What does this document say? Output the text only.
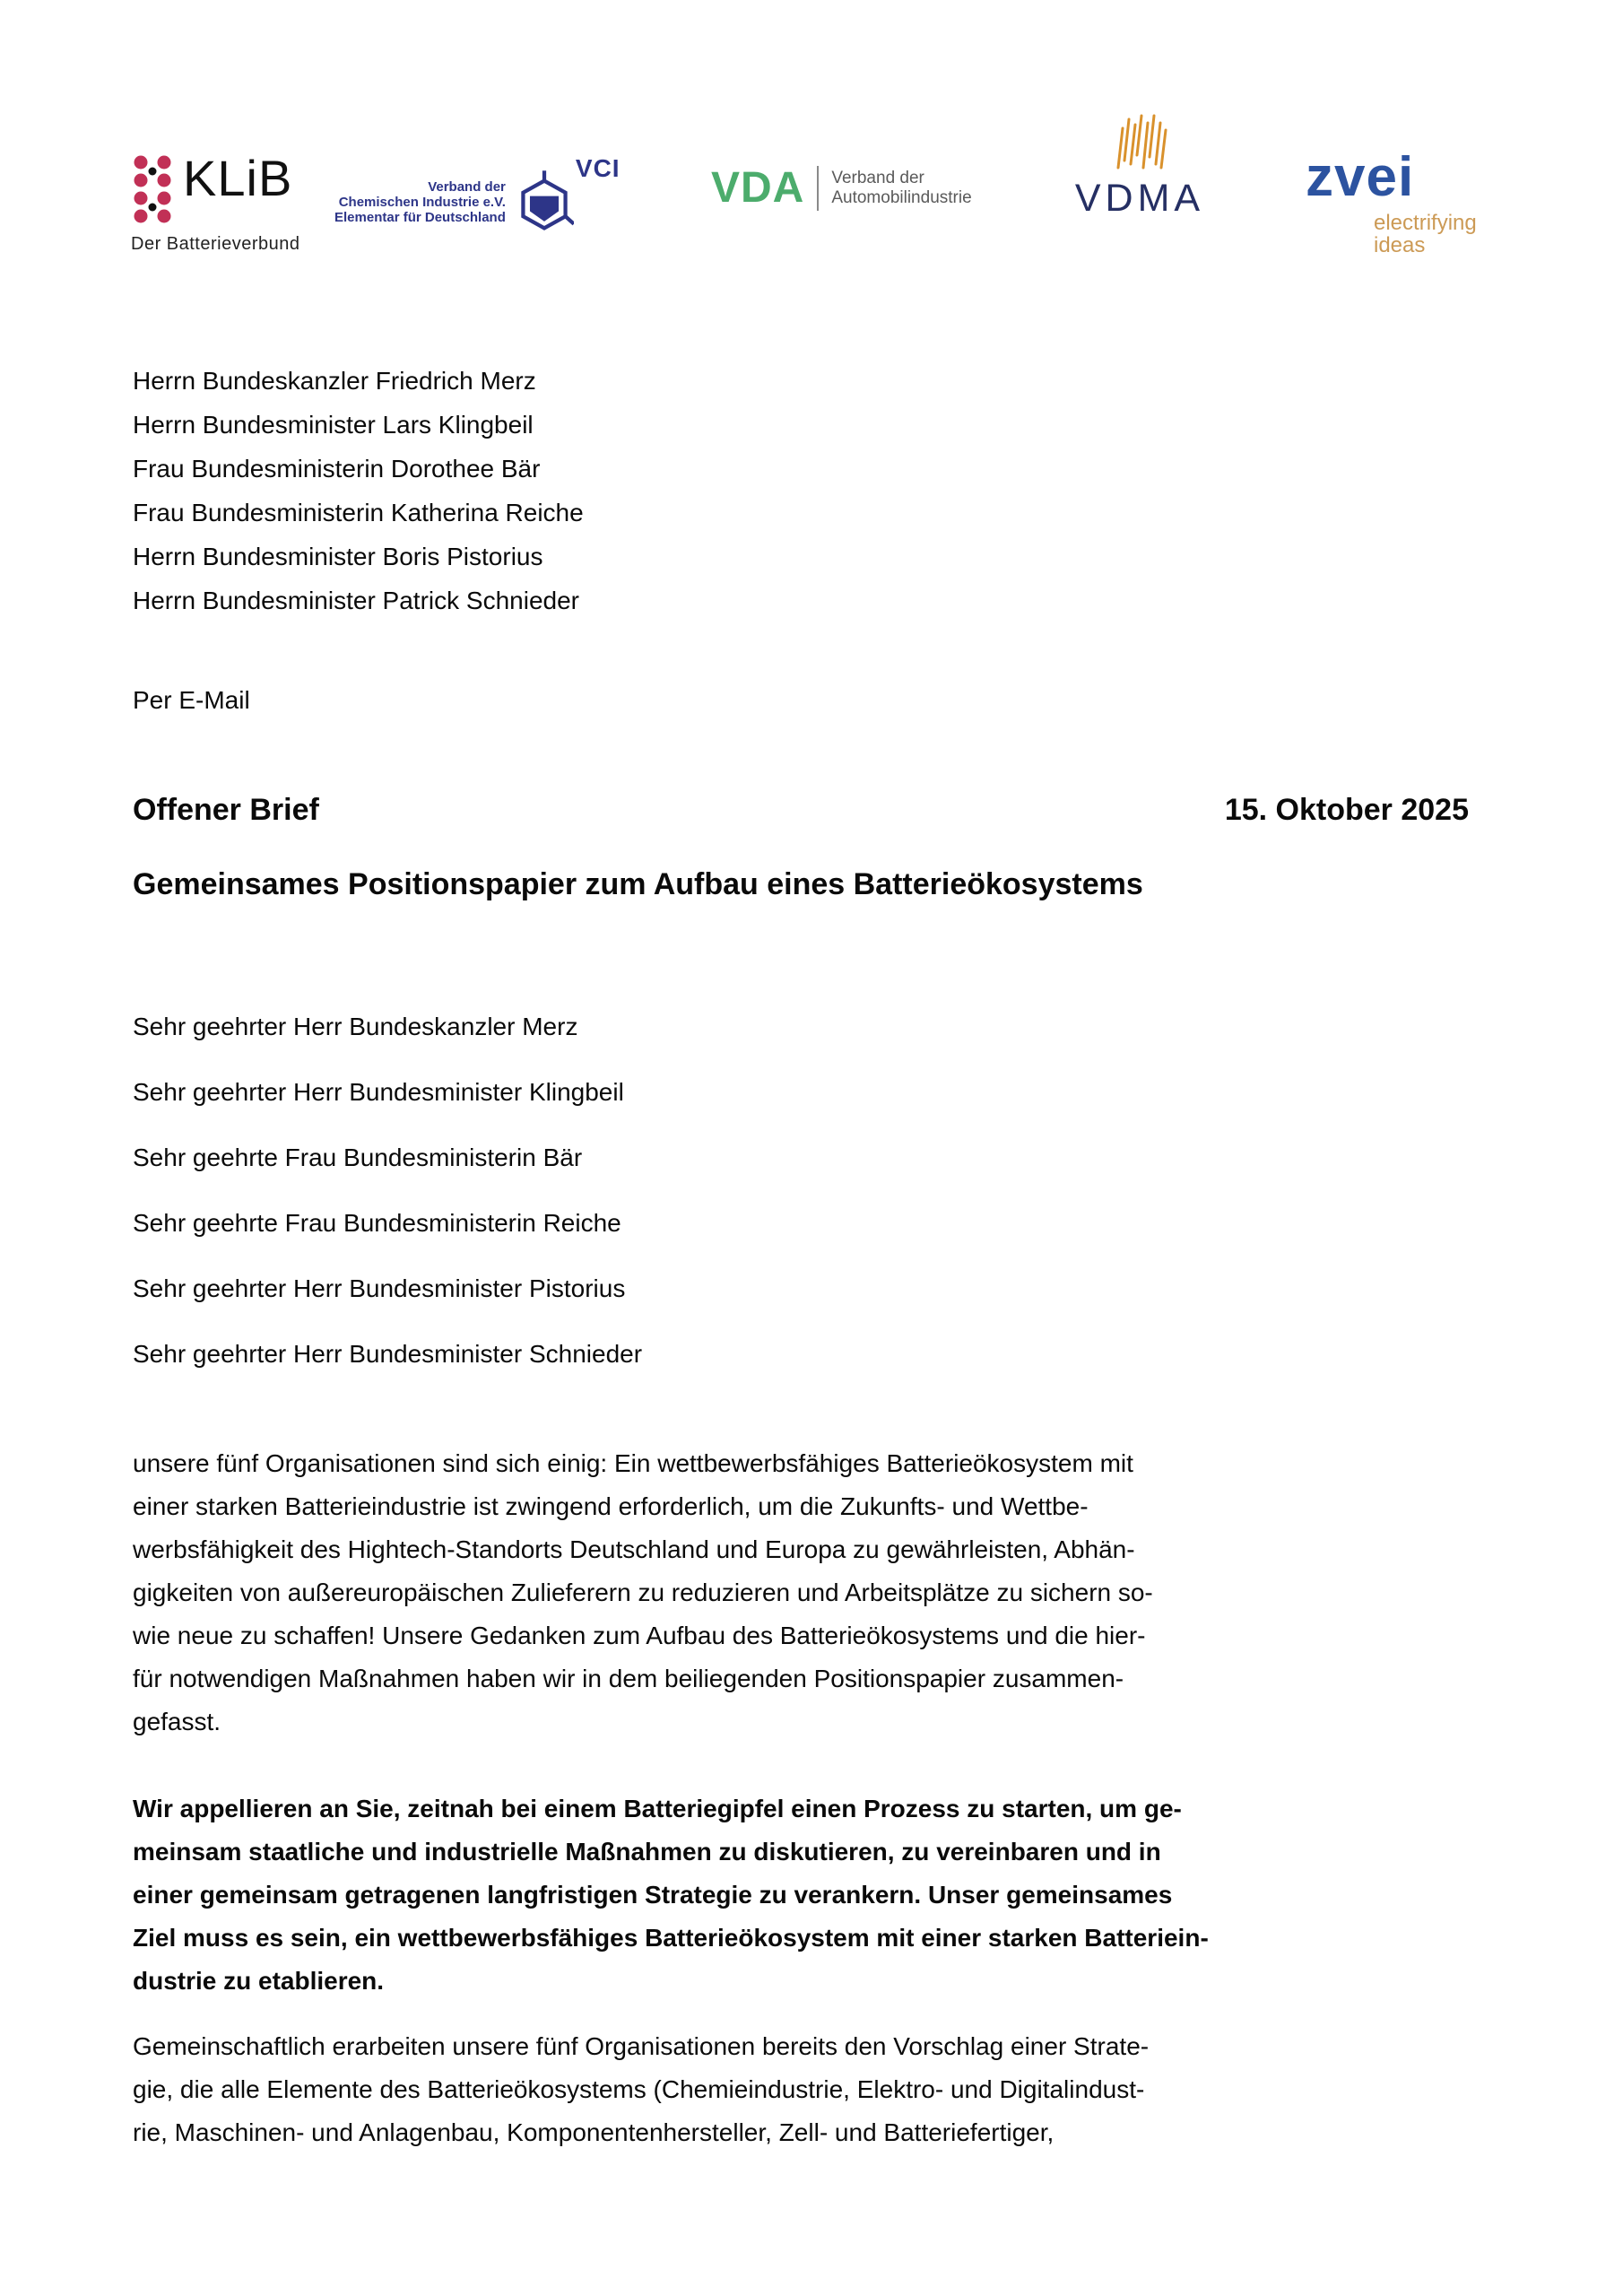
KLiB
Der Batterieverbund
Verband der
Chemischen Industrie e.V.
Elementar für Deutschland
VCI VDA Verband der
Automobilindustrie	VDMA zvei
electrifying
ideas
Herrn Bundeskanzler Friedrich Merz
Herrn Bundesminister Lars Klingbeil
Frau Bundesministerin Dorothee Bär
Frau Bundesministerin Katherina Reiche
Herrn Bundesminister Boris Pistorius
Herrn Bundesminister Patrick Schnieder
Per E-Mail
Offener Brief	15. Oktober 2025
Gemeinsames Positionspapier zum Aufbau eines Batterieökosystems
Sehr geehrter Herr Bundeskanzler Merz
Sehr geehrter Herr Bundesminister Klingbeil
Sehr geehrte Frau Bundesministerin Bär
Sehr geehrte Frau Bundesministerin Reiche
Sehr geehrter Herr Bundesminister Pistorius
Sehr geehrter Herr Bundesminister Schnieder
unsere fünf Organisationen sind sich einig: Ein wettbewerbsfähiges Batterieökosystem mit
einer starken Batterieindustrie ist zwingend erforderlich, um die Zukunfts- und Wettbe-
werbsfähigkeit des Hightech-Standorts Deutschland und Europa zu gewährleisten, Abhän-
gigkeiten von außereuropäischen Zulieferern zu reduzieren und Arbeitsplätze zu sichern so-
wie neue zu schaffen! Unsere Gedanken zum Aufbau des Batterieökosystems und die hier-
für notwendigen Maßnahmen haben wir in dem beiliegenden Positionspapier zusammen-
gefasst.
Wir appellieren an Sie, zeitnah bei einem Batteriegipfel einen Prozess zu starten, um ge-
meinsam staatliche und industrielle Maßnahmen zu diskutieren, zu vereinbaren und in
einer gemeinsam getragenen langfristigen Strategie zu verankern. Unser gemeinsames
Ziel muss es sein, ein wettbewerbsfähiges Batterieökosystem mit einer starken Batteriein-
dustrie zu etablieren.
Gemeinschaftlich erarbeiten unsere fünf Organisationen bereits den Vorschlag einer Strate-
gie, die alle Elemente des Batterieökosystems (Chemieindustrie, Elektro- und Digitalindust-
rie, Maschinen- und Anlagenbau, Komponentenhersteller, Zell- und Batteriefertiger,
